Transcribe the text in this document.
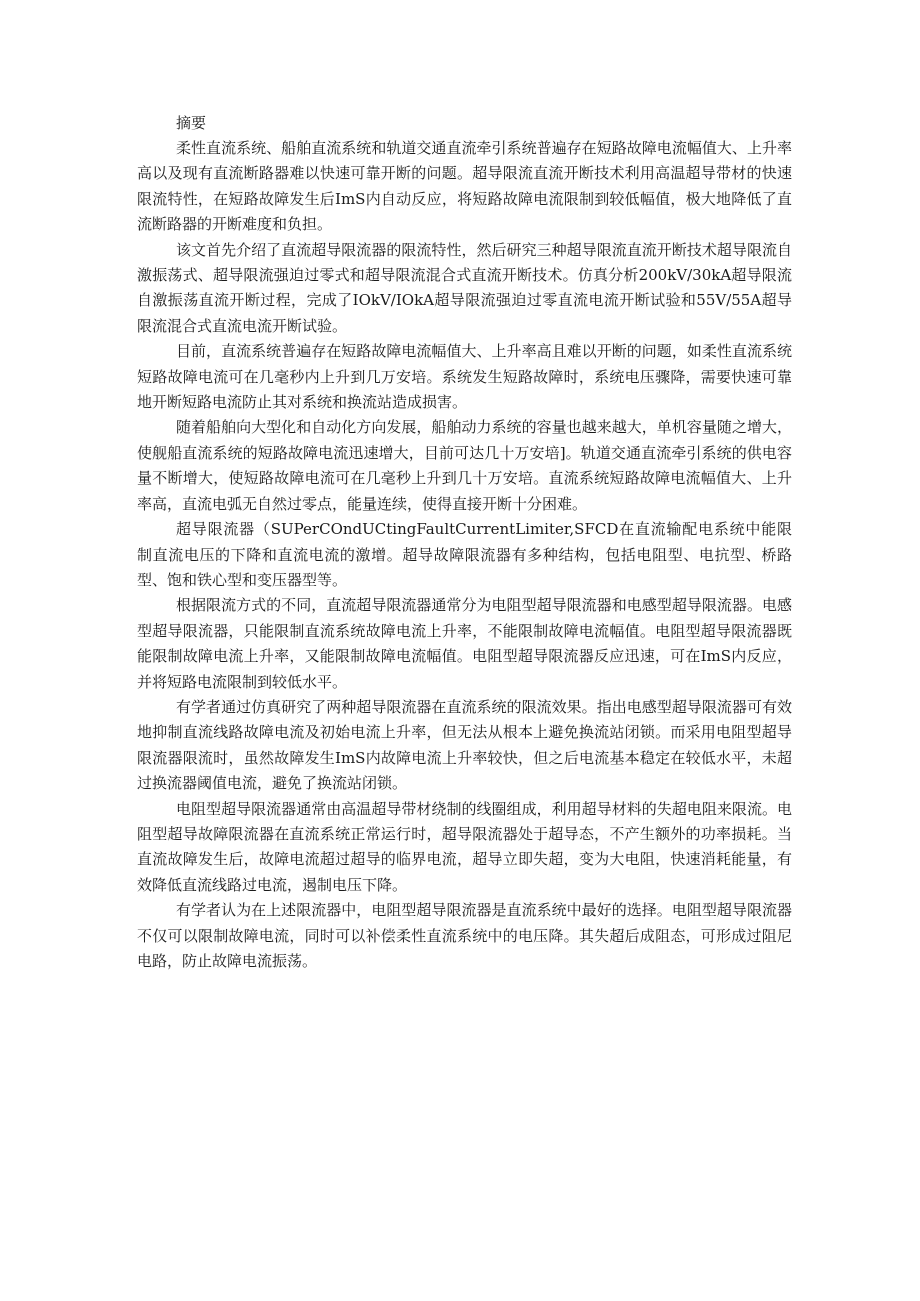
摘要

柔性直流系统、船舶直流系统和轨道交通直流牵引系统普遍存在短路故障电流幅值大、上升率高以及现有直流断路器难以快速可靠开断的问题。超导限流直流开断技术利用高温超导带材的快速限流特性，在短路故障发生后ImS内自动反应，将短路故障电流限制到较低幅值，极大地降低了直流断路器的开断难度和负担。

该文首先介绍了直流超导限流器的限流特性，然后研究三种超导限流直流开断技术超导限流自激振荡式、超导限流强迫过零式和超导限流混合式直流开断技术。仿真分析200kV/30kA超导限流自激振荡直流开断过程，完成了IOkV/IOkA超导限流强迫过零直流电流开断试验和55V/55A超导限流混合式直流电流开断试验。

目前，直流系统普遍存在短路故障电流幅值大、上升率高且难以开断的问题，如柔性直流系统短路故障电流可在几毫秒内上升到几万安培。系统发生短路故障时，系统电压骤降，需要快速可靠地开断短路电流防止其对系统和换流站造成损害。

随着船舶向大型化和自动化方向发展，船舶动力系统的容量也越来越大，单机容量随之增大，使舰船直流系统的短路故障电流迅速增大，目前可达几十万安培]。轨道交通直流牵引系统的供电容量不断增大，使短路故障电流可在几毫秒上升到几十万安培。直流系统短路故障电流幅值大、上升率高，直流电弧无自然过零点，能量连续，使得直接开断十分困难。

超导限流器（SUPerCOndUCtingFaultCurrentLimiter,SFCD在直流输配电系统中能限制直流电压的下降和直流电流的激增。超导故障限流器有多种结构，包括电阻型、电抗型、桥路型、饱和铁心型和变压器型等。

根据限流方式的不同，直流超导限流器通常分为电阻型超导限流器和电感型超导限流器。电感型超导限流器，只能限制直流系统故障电流上升率，不能限制故障电流幅值。电阻型超导限流器既能限制故障电流上升率，又能限制故障电流幅值。电阻型超导限流器反应迅速，可在ImS内反应，并将短路电流限制到较低水平。

有学者通过仿真研究了两种超导限流器在直流系统的限流效果。指出电感型超导限流器可有效地抑制直流线路故障电流及初始电流上升率，但无法从根本上避免换流站闭锁。而采用电阻型超导限流器限流时，虽然故障发生ImS内故障电流上升率较快，但之后电流基本稳定在较低水平，未超过换流器阈值电流，避免了换流站闭锁。

电阻型超导限流器通常由高温超导带材绕制的线圈组成，利用超导材料的失超电阻来限流。电阻型超导故障限流器在直流系统正常运行时，超导限流器处于超导态，不产生额外的功率损耗。当直流故障发生后，故障电流超过超导的临界电流，超导立即失超，变为大电阻，快速消耗能量，有效降低直流线路过电流，遏制电压下降。

有学者认为在上述限流器中，电阻型超导限流器是直流系统中最好的选择。电阻型超导限流器不仅可以限制故障电流，同时可以补偿柔性直流系统中的电压降。其失超后成阻态，可形成过阻尼电路，防止故障电流振荡。
